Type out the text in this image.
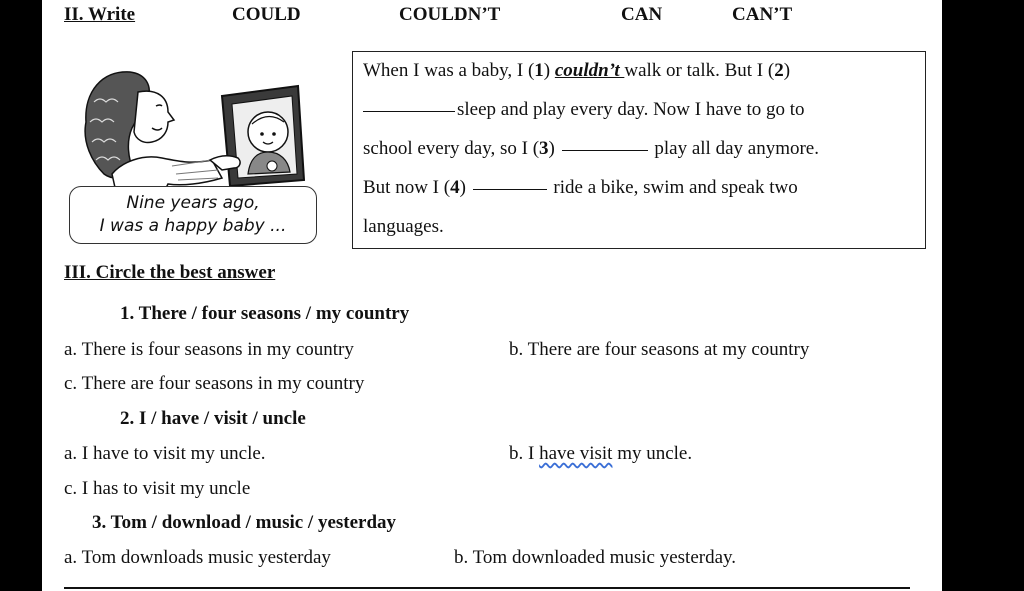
II. Write	COULD	COULDN’T	CAN	CAN’T
Nine years ago,
I was a happy baby ...
When I was a baby, I (1) couldn’t walk or talk. But I (2)
sleep and play every day. Now I have to go to
school every day, so I (3)	play all day anymore.
But now I (4)	ride a bike, swim and speak two
languages.
III. Circle the best answer
1. There / four seasons / my country
a. There is four seasons in my country	b. There are four seasons at my country
c. There are four seasons in my country
2. I / have / visit / uncle
a. I have to visit my uncle.	b. I have visit my uncle.
c. I has to visit my uncle
3. Tom / download / music / yesterday
a. Tom downloads music yesterday	b. Tom downloaded music yesterday.
